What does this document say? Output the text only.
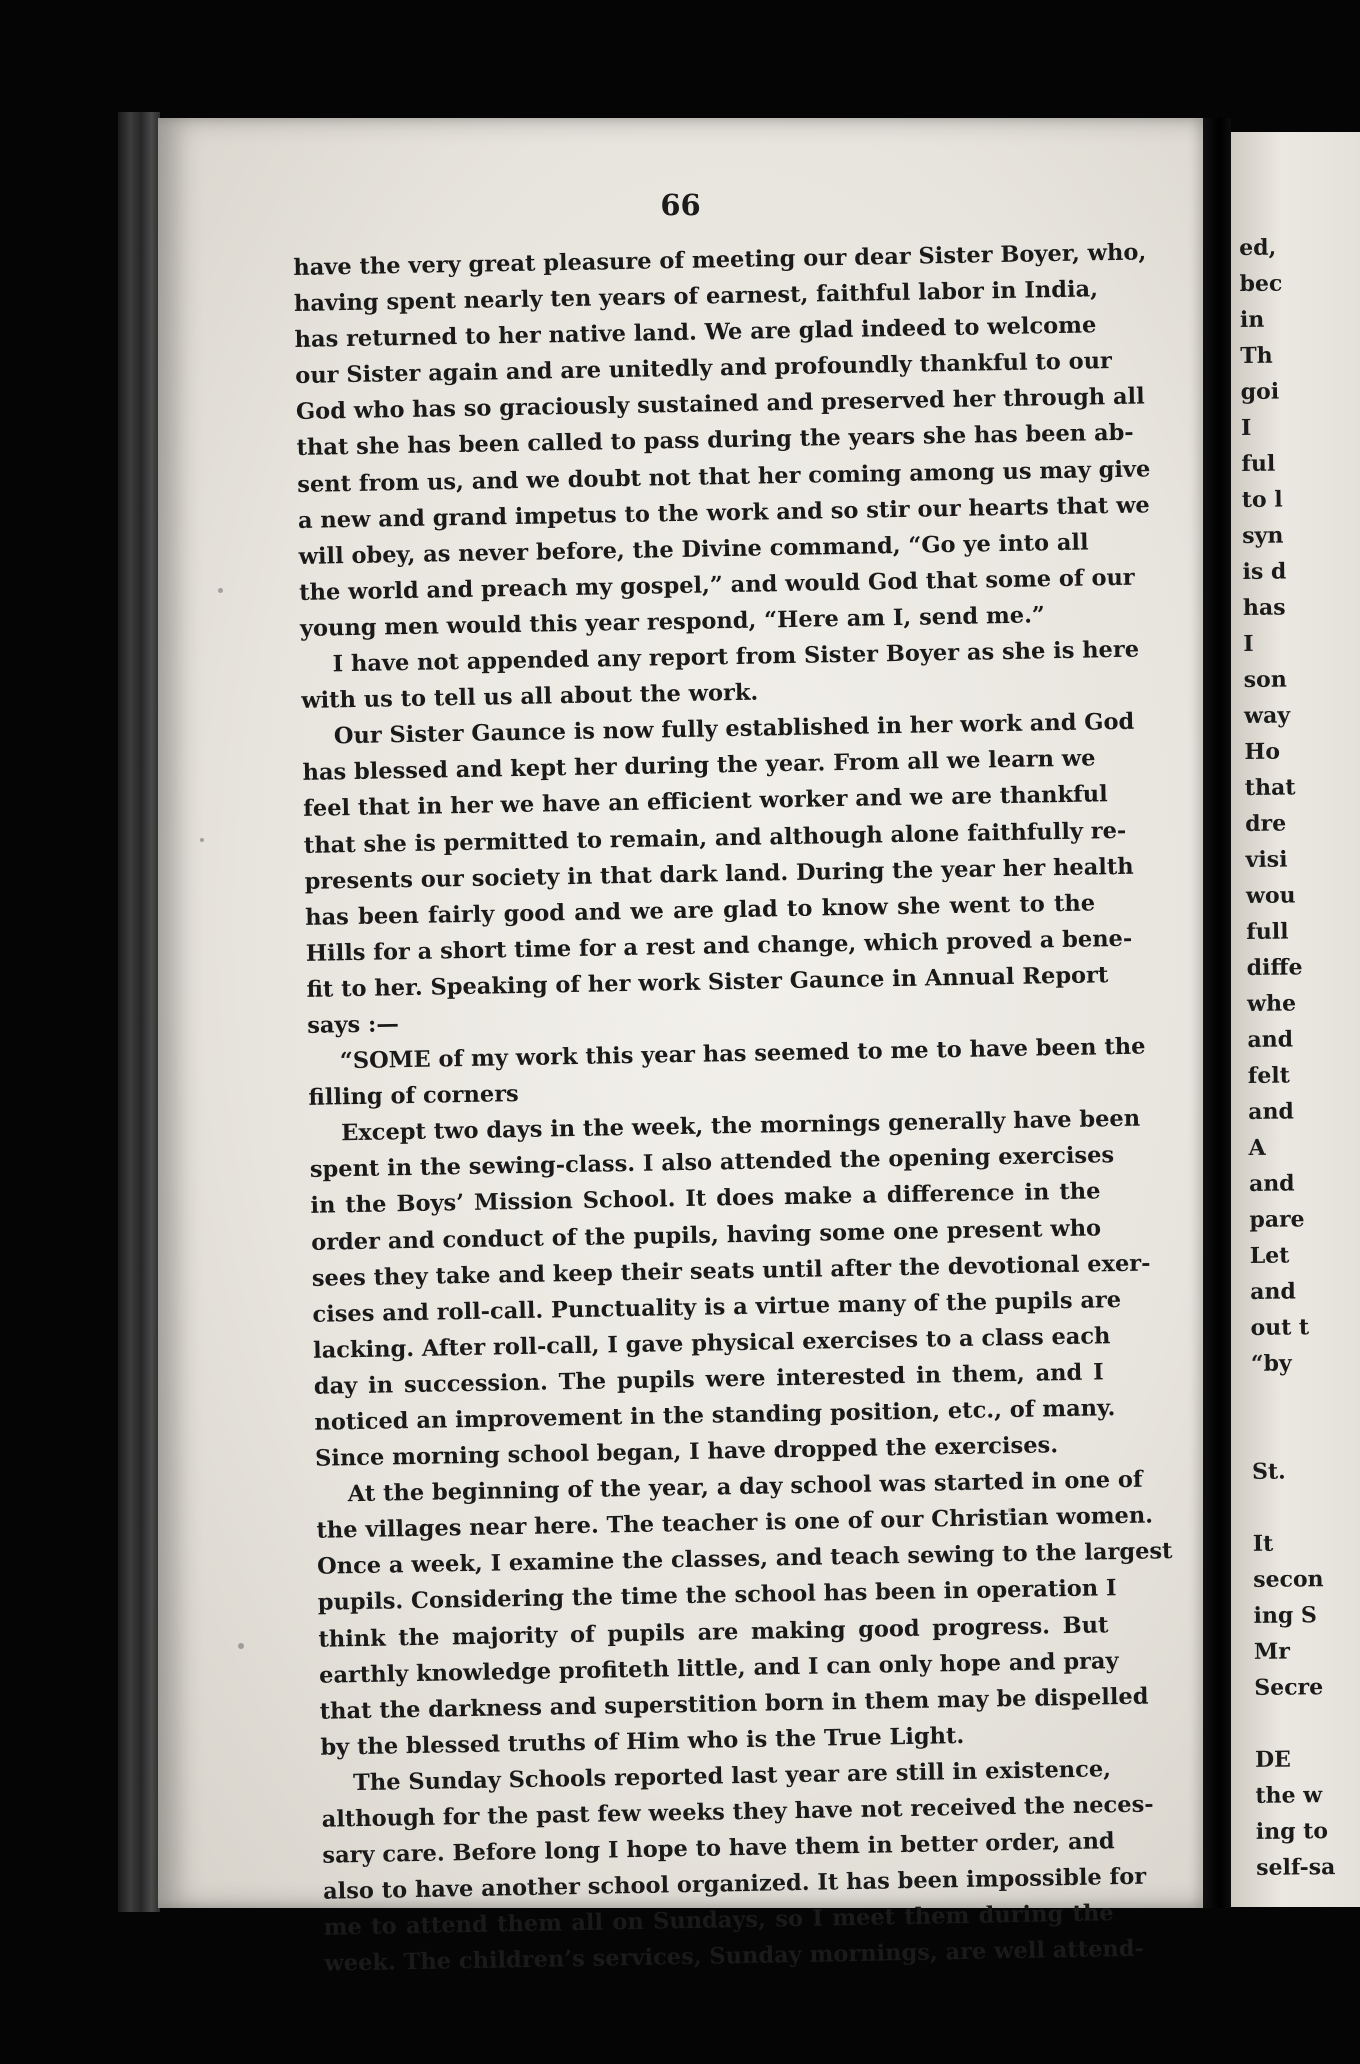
66
have the very great pleasure of meeting our dear Sister Boyer, who,
having spent nearly ten years of earnest, faithful labor in India,
has returned to her native land. We are glad indeed to welcome
our Sister again and are unitedly and profoundly thankful to our
God who has so graciously sustained and preserved her through all
that she has been called to pass during the years she has been ab-
sent from us, and we doubt not that her coming among us may give
a new and grand impetus to the work and so stir our hearts that we
will obey, as never before, the Divine command, “Go ye into all
the world and preach my gospel,” and would God that some of our
young men would this year respond, “Here am I, send me.”
I have not appended any report from Sister Boyer as she is here
with us to tell us all about the work.
Our Sister Gaunce is now fully established in her work and God
has blessed and kept her during the year. From all we learn we
feel that in her we have an efficient worker and we are thankful
that she is permitted to remain, and although alone faithfully re-
presents our society in that dark land. During the year her health
has been fairly good and we are glad to know she went to the
Hills for a short time for a rest and change, which proved a bene-
fit to her. Speaking of her work Sister Gaunce in Annual Report
says :—
“SOME of my work this year has seemed to me to have been the
filling of corners
Except two days in the week, the mornings generally have been
spent in the sewing-class. I also attended the opening exercises
in the Boys’ Mission School. It does make a difference in the
order and conduct of the pupils, having some one present who
sees they take and keep their seats until after the devotional exer-
cises and roll-call. Punctuality is a virtue many of the pupils are
lacking. After roll-call, I gave physical exercises to a class each
day in succession. The pupils were interested in them, and I
noticed an improvement in the standing position, etc., of many.
Since morning school began, I have dropped the exercises.
At the beginning of the year, a day school was started in one of
the villages near here. The teacher is one of our Christian women.
Once a week, I examine the classes, and teach sewing to the largest
pupils. Considering the time the school has been in operation I
think the majority of pupils are making good progress. But
earthly knowledge profiteth little, and I can only hope and pray
that the darkness and superstition born in them may be dispelled
by the blessed truths of Him who is the True Light.
The Sunday Schools reported last year are still in existence,
although for the past few weeks they have not received the neces-
sary care. Before long I hope to have them in better order, and
also to have another school organized. It has been impossible for
me to attend them all on Sundays, so I meet them during the
week. The children’s services, Sunday mornings, are well attend-
ed,
bec
in
Th
goi
I
ful
to l
syn
is d
has
I
son
way
Ho
that
dre
visi
wou
full
diffe
whe
and
felt
and
A
and
pare
Let
and
out t
“by
St.
It
secon
ing S
Mr
Secre
DE
the w
ing to
self-sa
